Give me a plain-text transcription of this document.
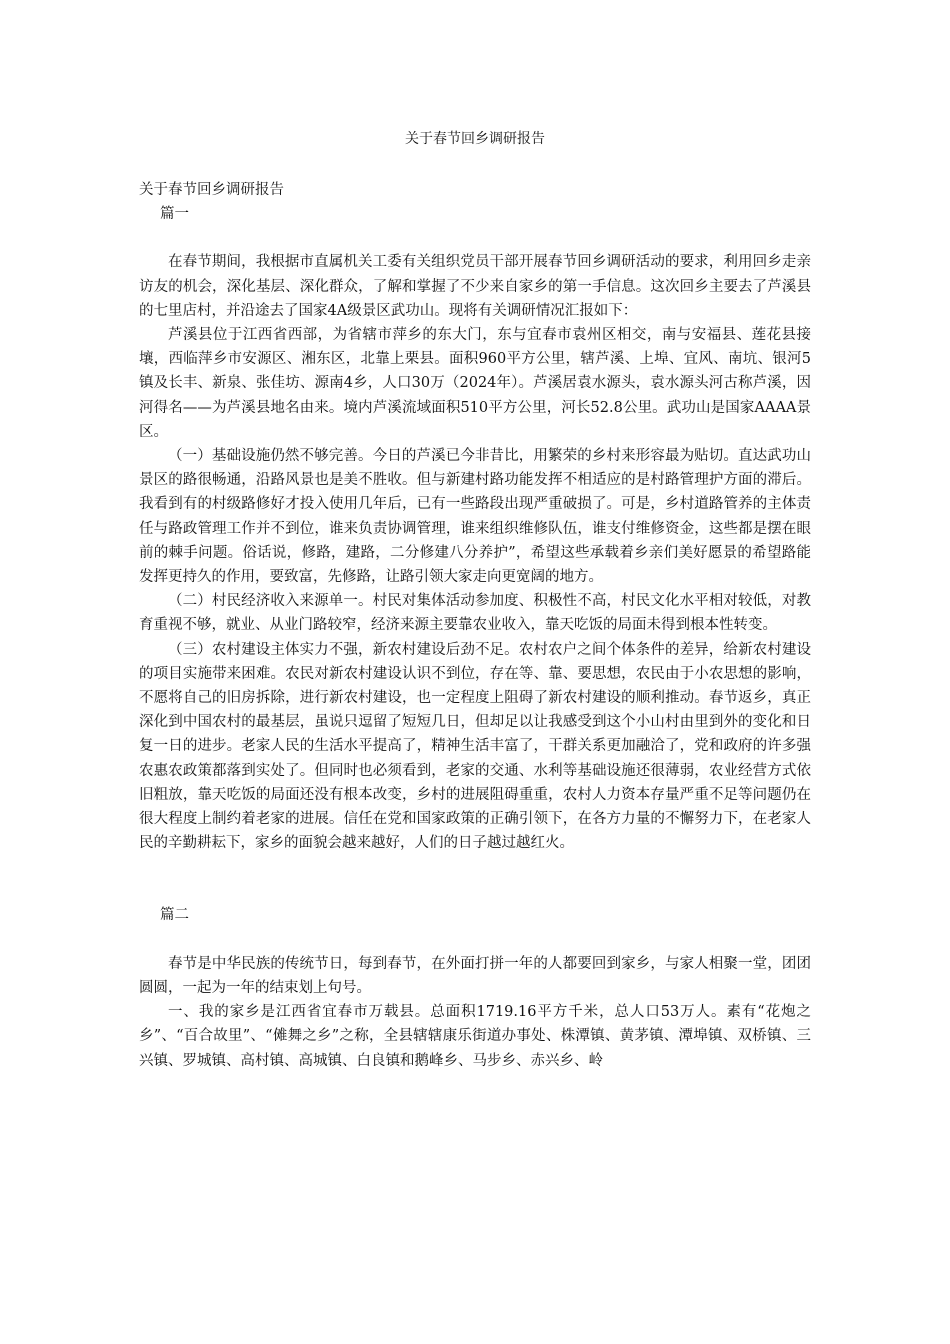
关于春节回乡调研报告

关于春节回乡调研报告

篇一

在春节期间，我根据市直属机关工委有关组织党员干部开展春节回乡调研活动的要求，利用回乡走亲访友的机会，深化基层、深化群众，了解和掌握了不少来自家乡的第一手信息。这次回乡主要去了芦溪县的七里店村，并沿途去了国家4A级景区武功山。现将有关调研情况汇报如下：

芦溪县位于江西省西部，为省辖市萍乡的东大门，东与宜春市袁州区相交，南与安福县、莲花县接壤，西临萍乡市安源区、湘东区，北靠上栗县。面积960平方公里，辖芦溪、上埠、宜风、南坑、银河5镇及长丰、新泉、张佳坊、源南4乡，人口30万（2024年）。芦溪居袁水源头，袁水源头河古称芦溪，因河得名——为芦溪县地名由来。境内芦溪流域面积510平方公里，河长52.8公里。武功山是国家AAAA景区。

（一）基础设施仍然不够完善。今日的芦溪已今非昔比，用繁荣的乡村来形容最为贴切。直达武功山景区的路很畅通，沿路风景也是美不胜收。但与新建村路功能发挥不相适应的是村路管理护方面的滞后。我看到有的村级路修好才投入使用几年后，已有一些路段出现严重破损了。可是，乡村道路管养的主体责任与路政管理工作并不到位，谁来负责协调管理，谁来组织维修队伍，谁支付维修资金，这些都是摆在眼前的棘手问题。俗话说，修路，建路，二分修建八分养护”，希望这些承载着乡亲们美好愿景的希望路能发挥更持久的作用，要致富，先修路，让路引领大家走向更宽阔的地方。

（二）村民经济收入来源单一。村民对集体活动参加度、积极性不高，村民文化水平相对较低，对教育重视不够，就业、从业门路较窄，经济来源主要靠农业收入，靠天吃饭的局面未得到根本性转变。

（三）农村建设主体实力不强，新农村建设后劲不足。农村农户之间个体条件的差异，给新农村建设的项目实施带来困难。农民对新农村建设认识不到位，存在等、靠、要思想，农民由于小农思想的影响，不愿将自己的旧房拆除，进行新农村建设，也一定程度上阻碍了新农村建设的顺利推动。春节返乡，真正深化到中国农村的最基层，虽说只逗留了短短几日，但却足以让我感受到这个小山村由里到外的变化和日复一日的进步。老家人民的生活水平提高了，精神生活丰富了，干群关系更加融洽了，党和政府的许多强农惠农政策都落到实处了。但同时也必须看到，老家的交通、水利等基础设施还很薄弱，农业经营方式依旧粗放，靠天吃饭的局面还没有根本改变，乡村的进展阻碍重重，农村人力资本存量严重不足等问题仍在很大程度上制约着老家的进展。信任在党和国家政策的正确引领下，在各方力量的不懈努力下，在老家人民的辛勤耕耘下，家乡的面貌会越来越好，人们的日子越过越红火。

篇二

春节是中华民族的传统节日，每到春节，在外面打拼一年的人都要回到家乡，与家人相聚一堂，团团圆圆，一起为一年的结束划上句号。

一、我的家乡是江西省宜春市万载县。总面积1719.16平方千米，总人口53万人。素有“花炮之乡”、“百合故里”、“傩舞之乡”之称，全县辖辖康乐街道办事处、株潭镇、黄茅镇、潭埠镇、双桥镇、三兴镇、罗城镇、高村镇、高城镇、白良镇和鹅峰乡、马步乡、赤兴乡、岭
